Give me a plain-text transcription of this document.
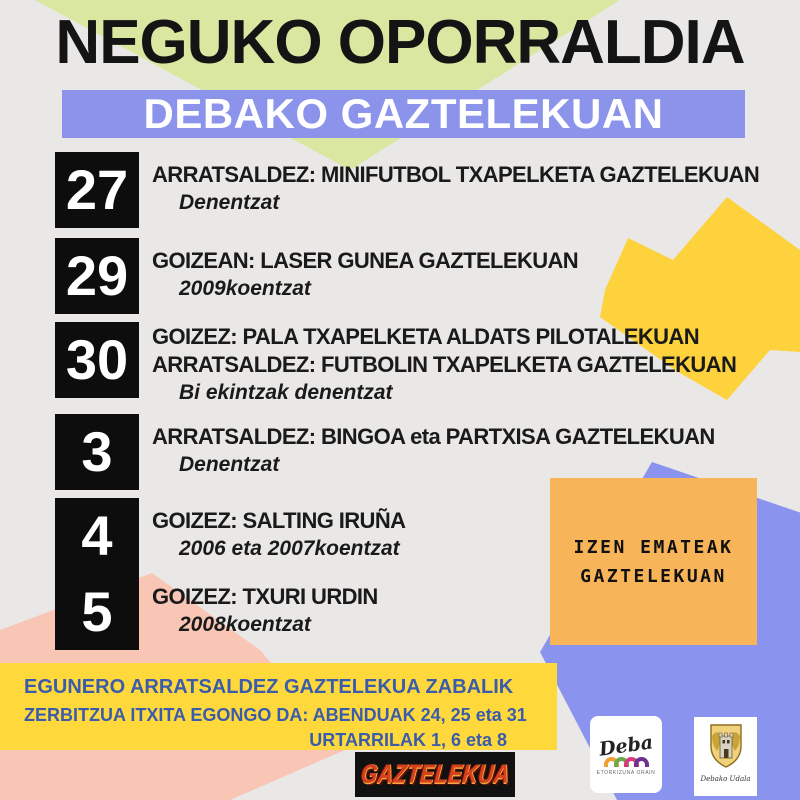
NEGUKO OPORRALDIA
DEBAKO GAZTELEKUAN
27 ARRATSALDEZ: MINIFUTBOL TXAPELKETA GAZTELEKUAN
Denentzat
29 GOIZEAN: LASER GUNEA GAZTELEKUAN
2009koentzat
30 GOIZEZ: PALA TXAPELKETA ALDATS PILOTALEKUAN
ARRATSALDEZ: FUTBOLIN TXAPELKETA GAZTELEKUAN
Bi ekintzak denentzat
3 ARRATSALDEZ: BINGOA eta PARTXISA GAZTELEKUAN
Denentzat
4 GOIZEZ: SALTING IRUÑA
2006 eta 2007koentzat
5 GOIZEZ: TXURI URDIN
2008koentzat
IZEN EMATEAK
GAZTELEKUAN
EGUNERO ARRATSALDEZ GAZTELEKUA ZABALIK
ZERBITZUA ITXITA EGONGO DA: ABENDUAK 24, 25 eta 31
URTARRILAK 1, 6 eta 8
GAZTELEKUA
Deba
ETORKIZUNA ORAIN
Debako Udala
